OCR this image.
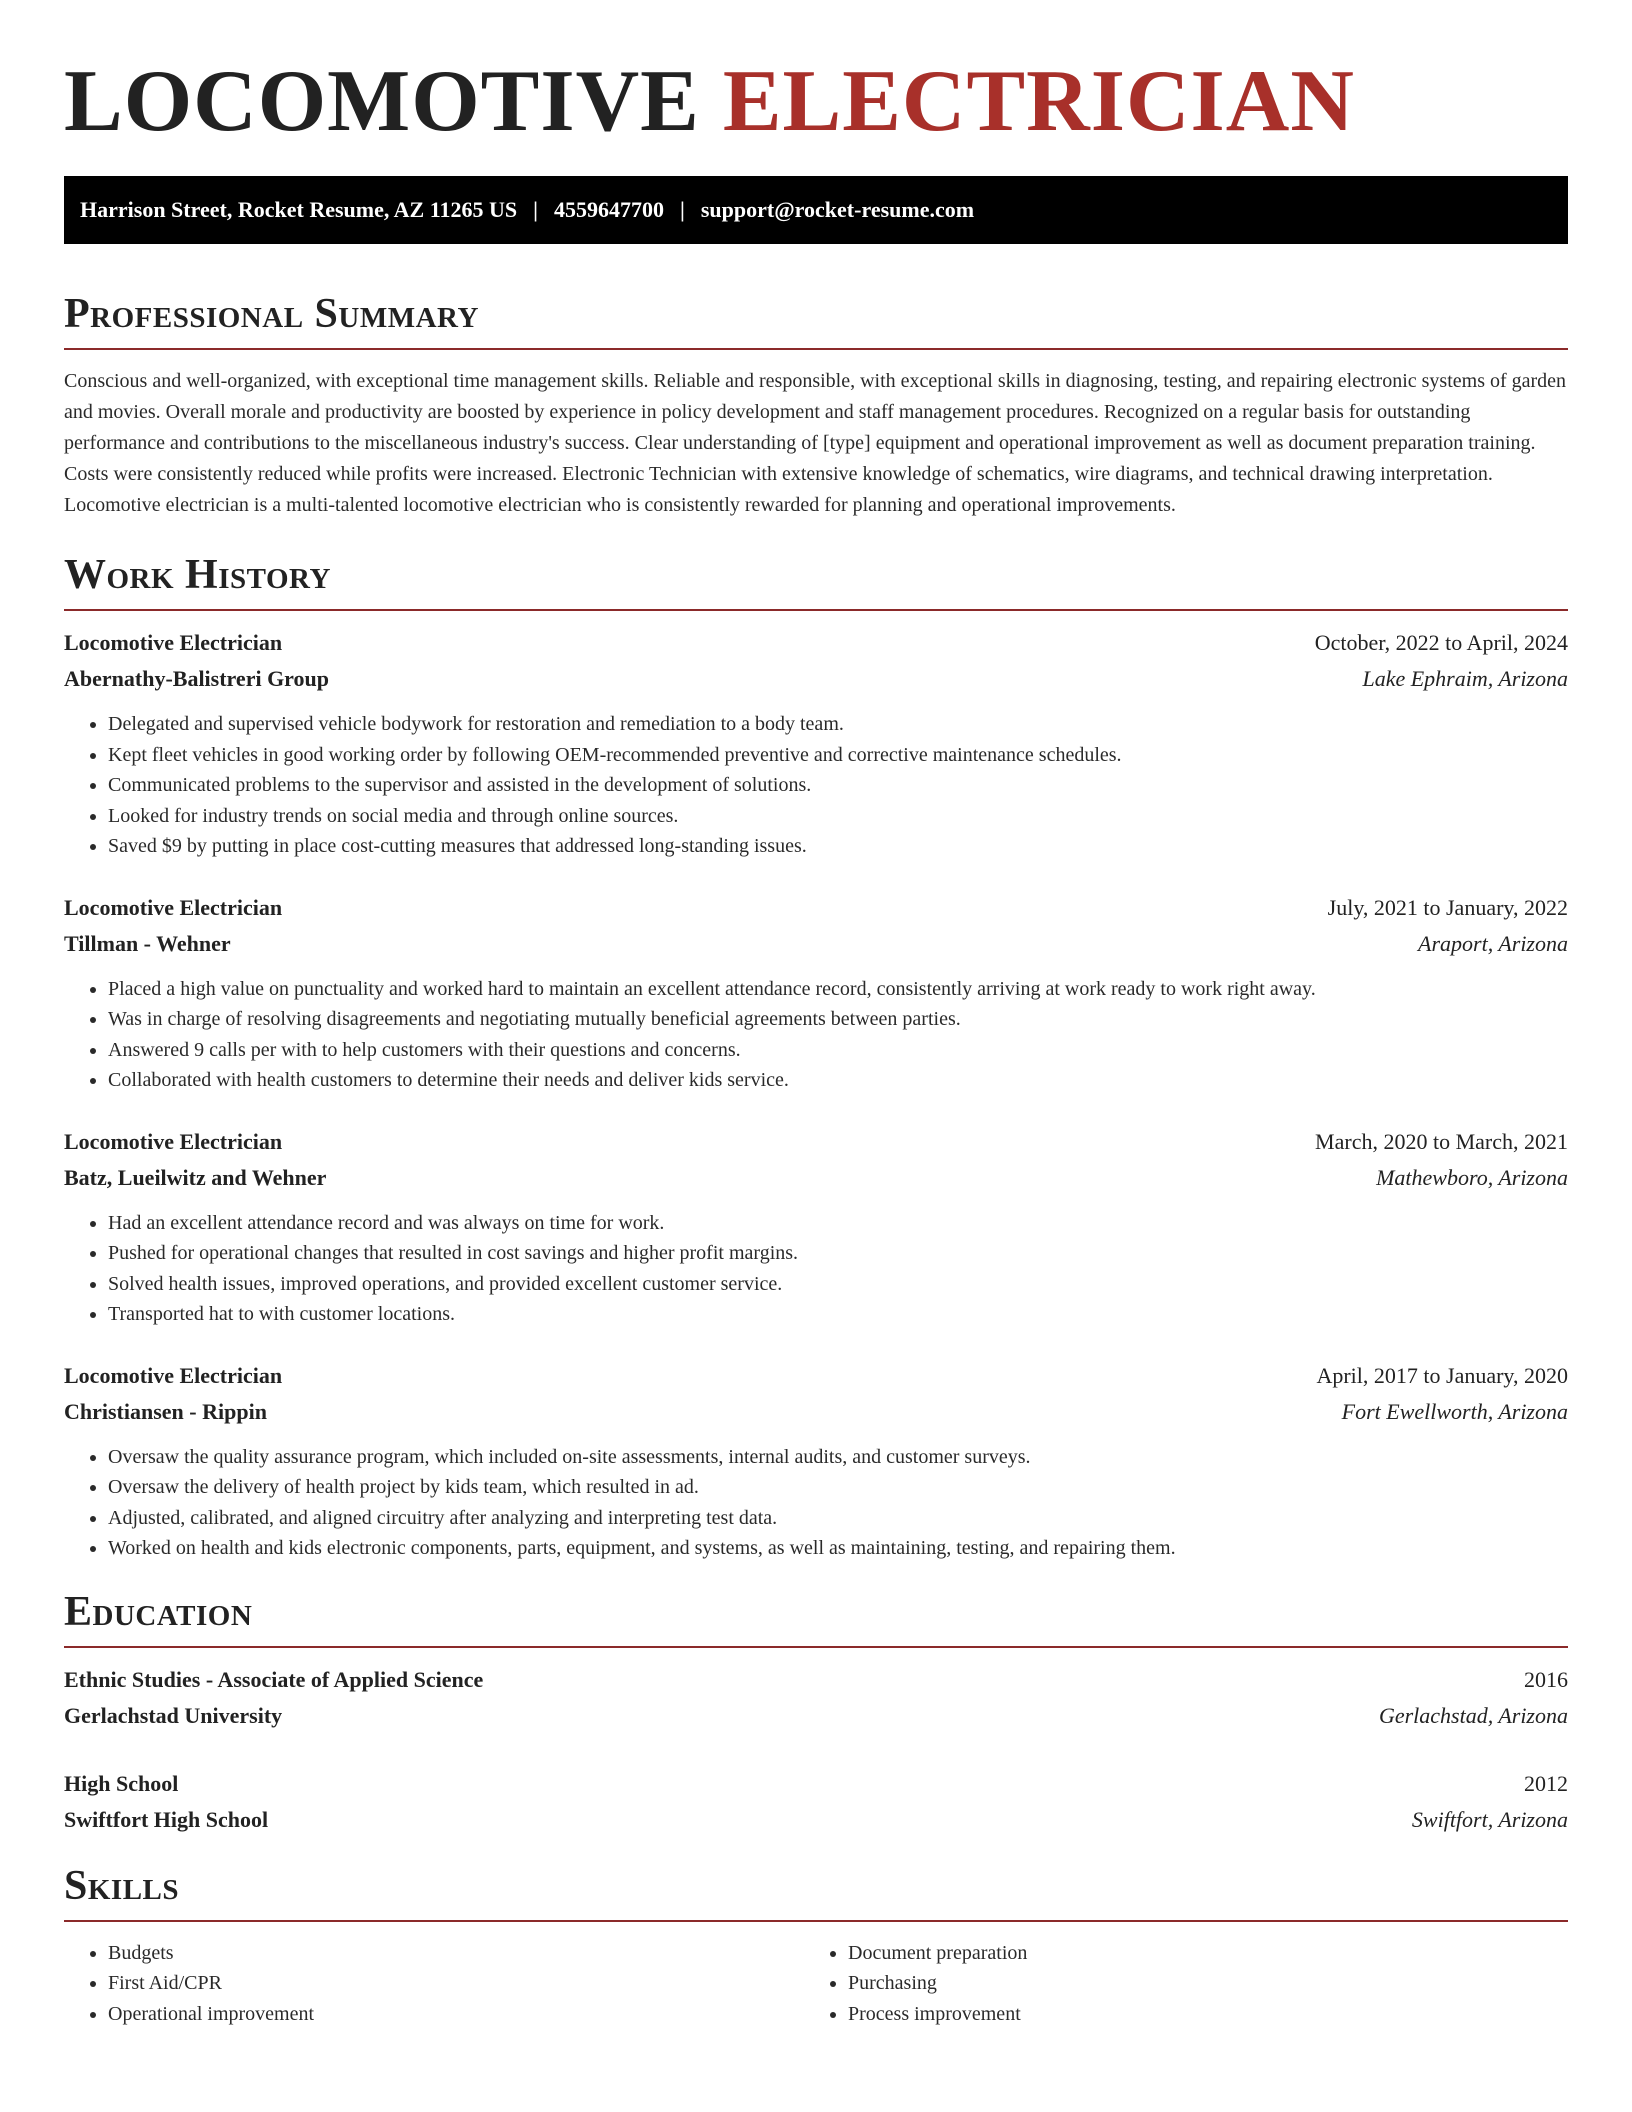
LOCOMOTIVE ELECTRICIAN
Harrison Street, Rocket Resume, AZ 11265 US | 4559647700 | support@rocket-resume.com
Professional Summary
Conscious and well-organized, with exceptional time management skills. Reliable and responsible, with exceptional skills in diagnosing, testing, and repairing electronic systems of garden and movies. Overall morale and productivity are boosted by experience in policy development and staff management procedures. Recognized on a regular basis for outstanding performance and contributions to the miscellaneous industry's success. Clear understanding of [type] equipment and operational improvement as well as document preparation training. Costs were consistently reduced while profits were increased. Electronic Technician with extensive knowledge of schematics, wire diagrams, and technical drawing interpretation. Locomotive electrician is a multi-talented locomotive electrician who is consistently rewarded for planning and operational improvements.
Work History
Locomotive Electrician	October, 2022 to April, 2024
Abernathy-Balistreri Group	Lake Ephraim, Arizona
• Delegated and supervised vehicle bodywork for restoration and remediation to a body team.
• Kept fleet vehicles in good working order by following OEM-recommended preventive and corrective maintenance schedules.
• Communicated problems to the supervisor and assisted in the development of solutions.
• Looked for industry trends on social media and through online sources.
• Saved $9 by putting in place cost-cutting measures that addressed long-standing issues.
Locomotive Electrician	July, 2021 to January, 2022
Tillman - Wehner	Araport, Arizona
• Placed a high value on punctuality and worked hard to maintain an excellent attendance record, consistently arriving at work ready to work right away.
• Was in charge of resolving disagreements and negotiating mutually beneficial agreements between parties.
• Answered 9 calls per with to help customers with their questions and concerns.
• Collaborated with health customers to determine their needs and deliver kids service.
Locomotive Electrician	March, 2020 to March, 2021
Batz, Lueilwitz and Wehner	Mathewboro, Arizona
• Had an excellent attendance record and was always on time for work.
• Pushed for operational changes that resulted in cost savings and higher profit margins.
• Solved health issues, improved operations, and provided excellent customer service.
• Transported hat to with customer locations.
Locomotive Electrician	April, 2017 to January, 2020
Christiansen - Rippin	Fort Ewellworth, Arizona
• Oversaw the quality assurance program, which included on-site assessments, internal audits, and customer surveys.
• Oversaw the delivery of health project by kids team, which resulted in ad.
• Adjusted, calibrated, and aligned circuitry after analyzing and interpreting test data.
• Worked on health and kids electronic components, parts, equipment, and systems, as well as maintaining, testing, and repairing them.
Education
Ethnic Studies - Associate of Applied Science	2016
Gerlachstad University	Gerlachstad, Arizona
High School	2012
Swiftfort High School	Swiftfort, Arizona
Skills
• Budgets
• First Aid/CPR
• Operational improvement
• Document preparation
• Purchasing
• Process improvement
